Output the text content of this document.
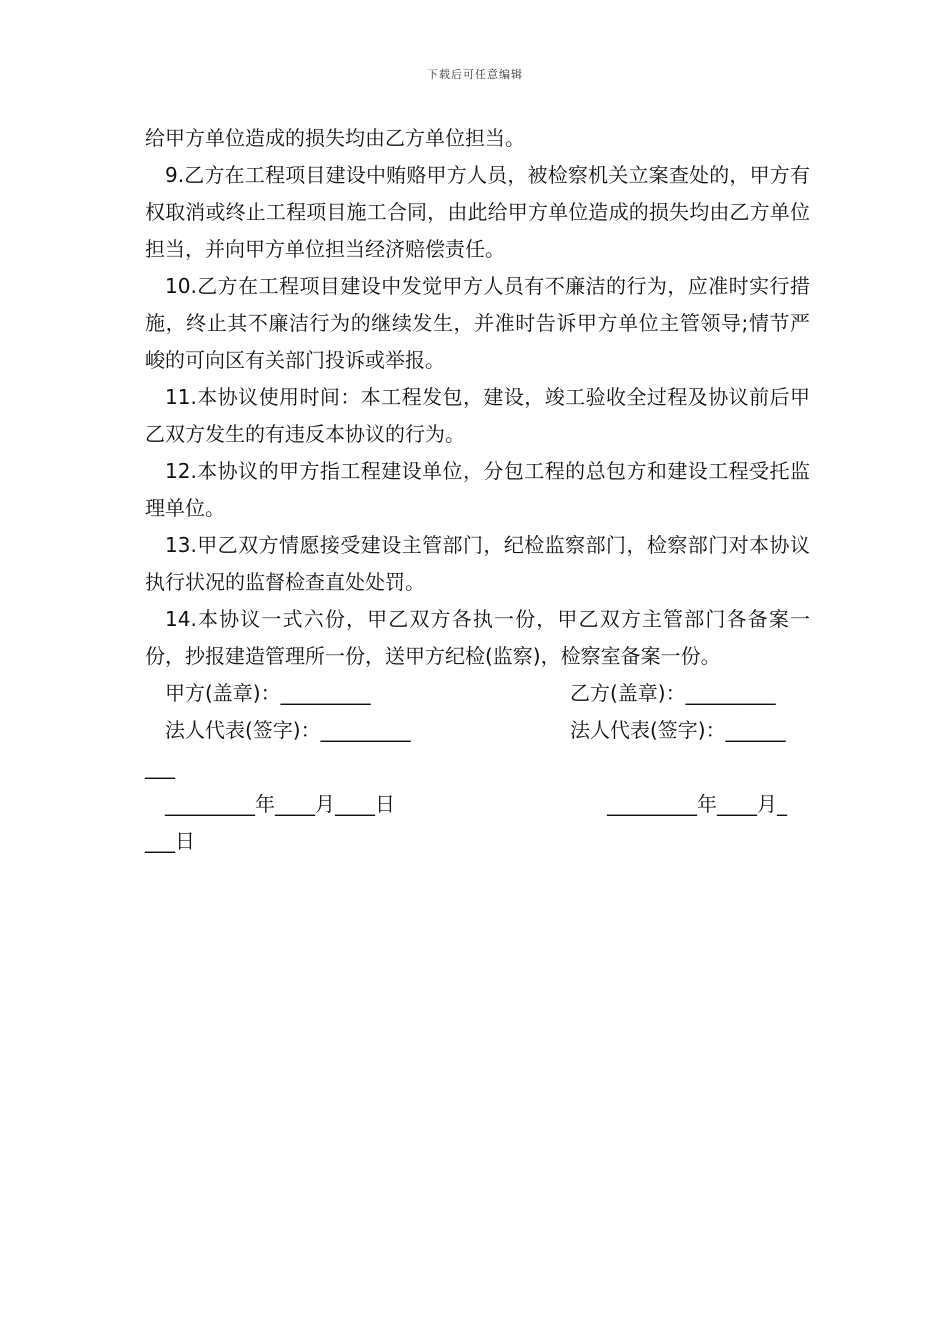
下载后可任意编辑

给甲方单位造成的损失均由乙方单位担当。

9.乙方在工程项目建设中贿赂甲方人员，被检察机关立案查处的，甲方有权取消或终止工程项目施工合同，由此给甲方单位造成的损失均由乙方单位担当，并向甲方单位担当经济赔偿责任。

10.乙方在工程项目建设中发觉甲方人员有不廉洁的行为，应准时实行措施，终止其不廉洁行为的继续发生，并准时告诉甲方单位主管领导;情节严峻的可向区有关部门投诉或举报。

11.本协议使用时间：本工程发包，建设，竣工验收全过程及协议前后甲乙双方发生的有违反本协议的行为。

12.本协议的甲方指工程建设单位，分包工程的总包方和建设工程受托监理单位。

13.甲乙双方情愿接受建设主管部门，纪检监察部门，检察部门对本协议执行状况的监督检查直处处罚。

14.本协议一式六份，甲乙双方各执一份，甲乙双方主管部门各备案一份，抄报建造管理所一份，送甲方纪检(监察)，检察室备案一份。

甲方(盖章)：_________	乙方(盖章)：_________
法人代表(签字)：_________	法人代表(签字)：______
___
_________年____月____日	_________年____月_
___日
